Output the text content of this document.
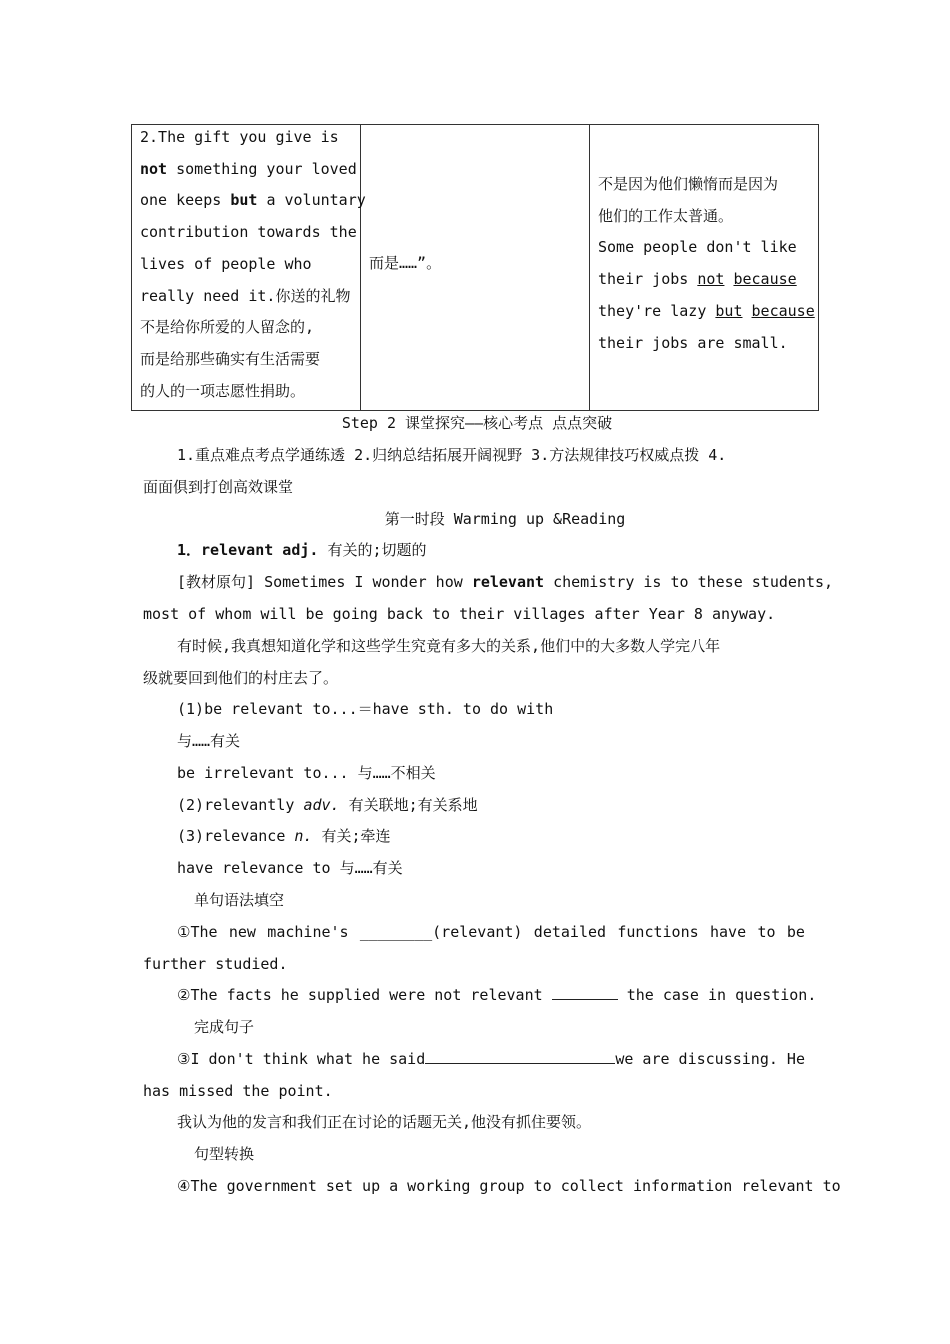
2.The gift you give is

not something your loved

one keeps but a voluntary

contribution towards the

lives of people who

really need it.你送的礼物

不是给你所爱的人留念的,

而是给那些确实有生活需要

的人的一项志愿性捐助。

而是……”。

不是因为他们懒惰而是因为

他们的工作太普通。

Some people don't like

their jobs not because

they're lazy but because

their jobs are small.

Step 2 课堂探究——核心考点 点点突破
1.重点难点考点学通练透 2.归纳总结拓展开阔视野 3.方法规律技巧权威点拨 4.
面面俱到打创高效课堂
第一时段 Warming up &Reading
1．relevant adj. 有关的;切题的
[教材原句] Sometimes I wonder how relevant chemistry is to these students,
most of whom will be going back to their villages after Year 8 anyway.
有时候,我真想知道化学和这些学生究竟有多大的关系,他们中的大多数人学完八年
级就要回到他们的村庄去了。
(1)be relevant to...＝have sth. to do with
与……有关
be irrelevant to... 与……不相关
(2)relevantly adv. 有关联地;有关系地
(3)relevance n. 有关;牵连
have relevance to 与……有关
单句语法填空
①The new machine's ________(relevant) detailed functions have to be
further studied.
②The facts he supplied were not relevant	the case in question.
完成句子
③I don't think what he said	we are discussing. He
has missed the point.
我认为他的发言和我们正在讨论的话题无关,他没有抓住要领。
句型转换
④The government set up a working group to collect information relevant to
